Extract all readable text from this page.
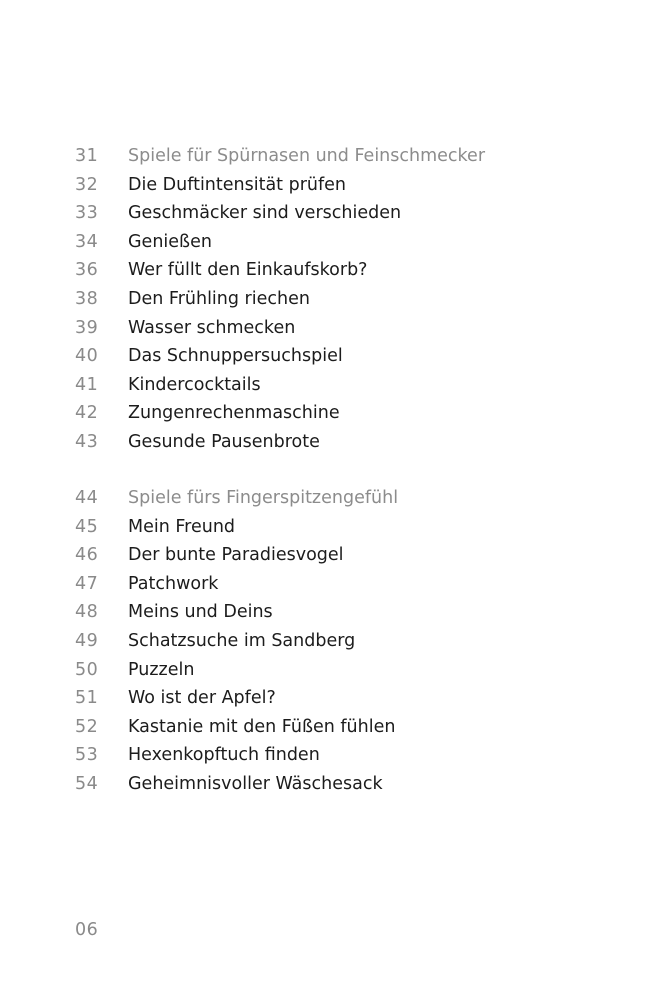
31	Spiele für Spürnasen und Feinschmecker
32	Die Duftintensität prüfen
33	Geschmäcker sind verschieden
34	Genießen
36	Wer füllt den Einkaufskorb?
38	Den Frühling riechen
39	Wasser schmecken
40	Das Schnuppersuchspiel
41	Kindercocktails
42	Zungenrechenmaschine
43	Gesunde Pausenbrote
44	Spiele fürs Fingerspitzengefühl
45	Mein Freund
46	Der bunte Paradiesvogel
47	Patchwork
48	Meins und Deins
49	Schatzsuche im Sandberg
50	Puzzeln
51	Wo ist der Apfel?
52	Kastanie mit den Füßen fühlen
53	Hexenkopftuch finden
54	Geheimnisvoller Wäschesack
06
